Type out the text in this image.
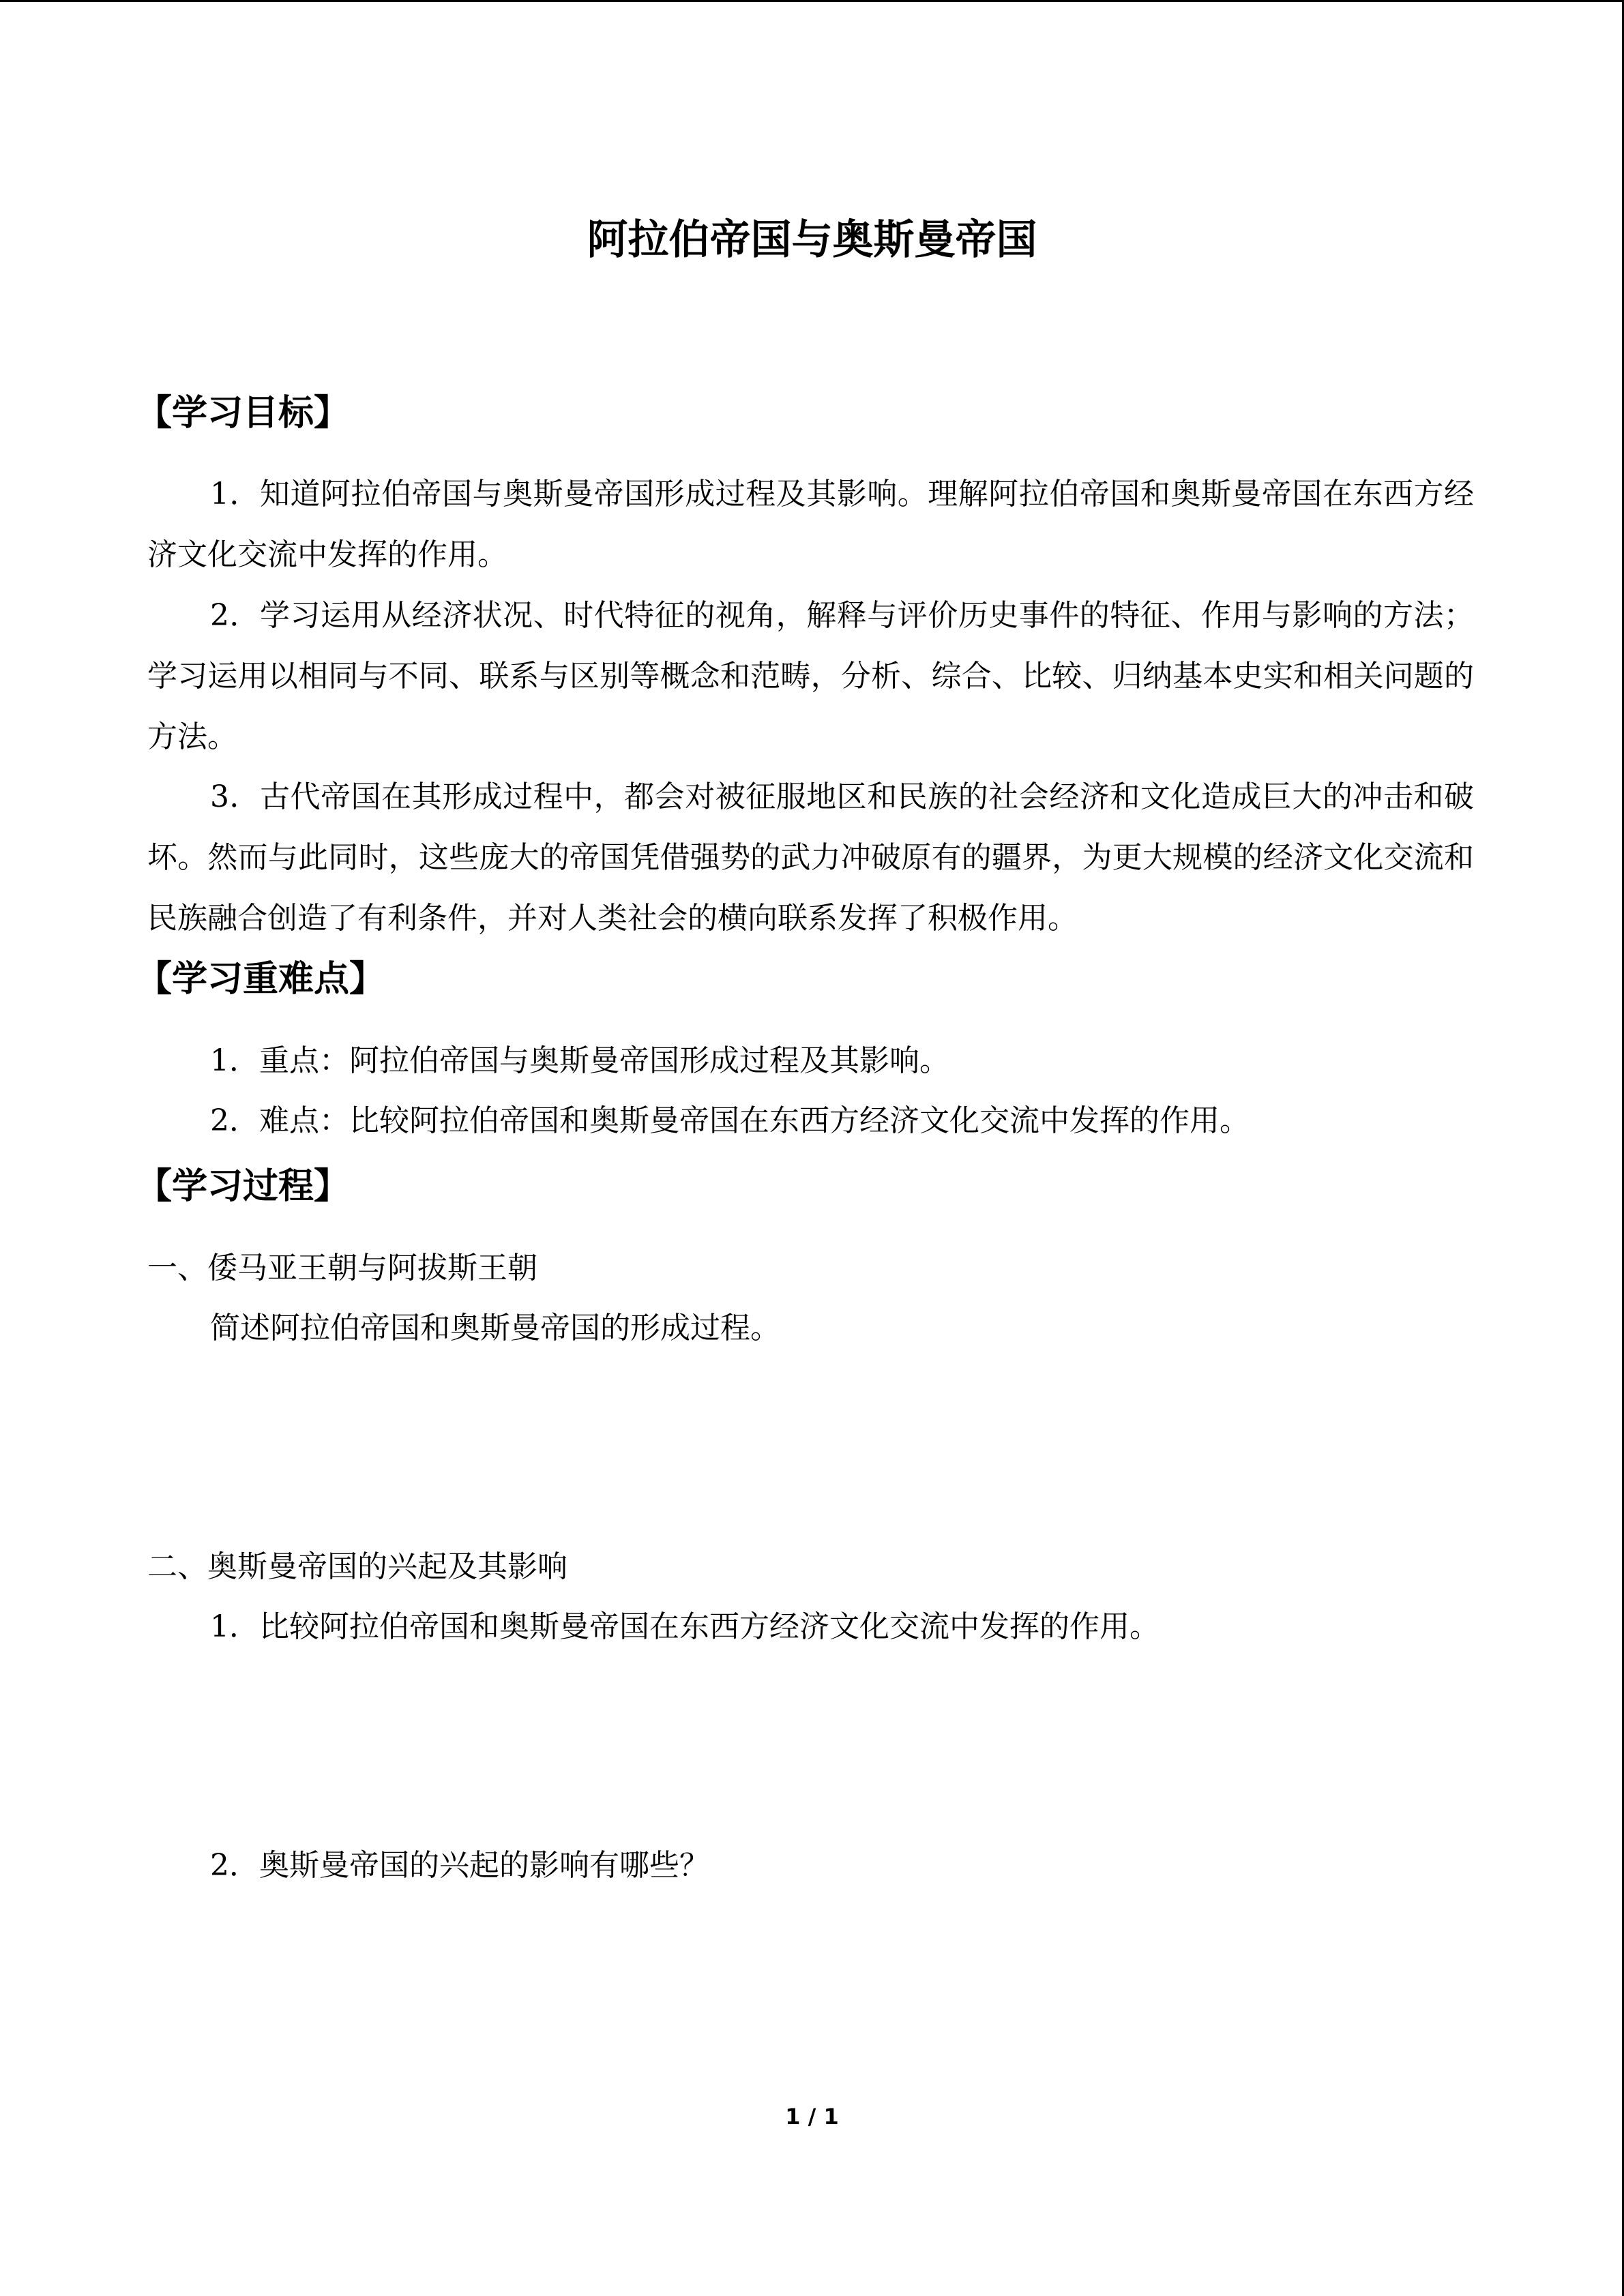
阿拉伯帝国与奥斯曼帝国
【学习目标】

1．知道阿拉伯帝国与奥斯曼帝国形成过程及其影响。理解阿拉伯帝国和奥斯曼帝国在东西方经济文化交流中发挥的作用。

2．学习运用从经济状况、时代特征的视角，解释与评价历史事件的特征、作用与影响的方法；学习运用以相同与不同、联系与区别等概念和范畴，分析、综合、比较、归纳基本史实和相关问题的方法。

3．古代帝国在其形成过程中，都会对被征服地区和民族的社会经济和文化造成巨大的冲击和破坏。然而与此同时，这些庞大的帝国凭借强势的武力冲破原有的疆界，为更大规模的经济文化交流和民族融合创造了有利条件，并对人类社会的横向联系发挥了积极作用。

【学习重难点】

1．重点：阿拉伯帝国与奥斯曼帝国形成过程及其影响。

2．难点：比较阿拉伯帝国和奥斯曼帝国在东西方经济文化交流中发挥的作用。

【学习过程】

一、倭马亚王朝与阿拔斯王朝

简述阿拉伯帝国和奥斯曼帝国的形成过程。

二、奥斯曼帝国的兴起及其影响

1．比较阿拉伯帝国和奥斯曼帝国在东西方经济文化交流中发挥的作用。

2．奥斯曼帝国的兴起的影响有哪些？

1 / 1
